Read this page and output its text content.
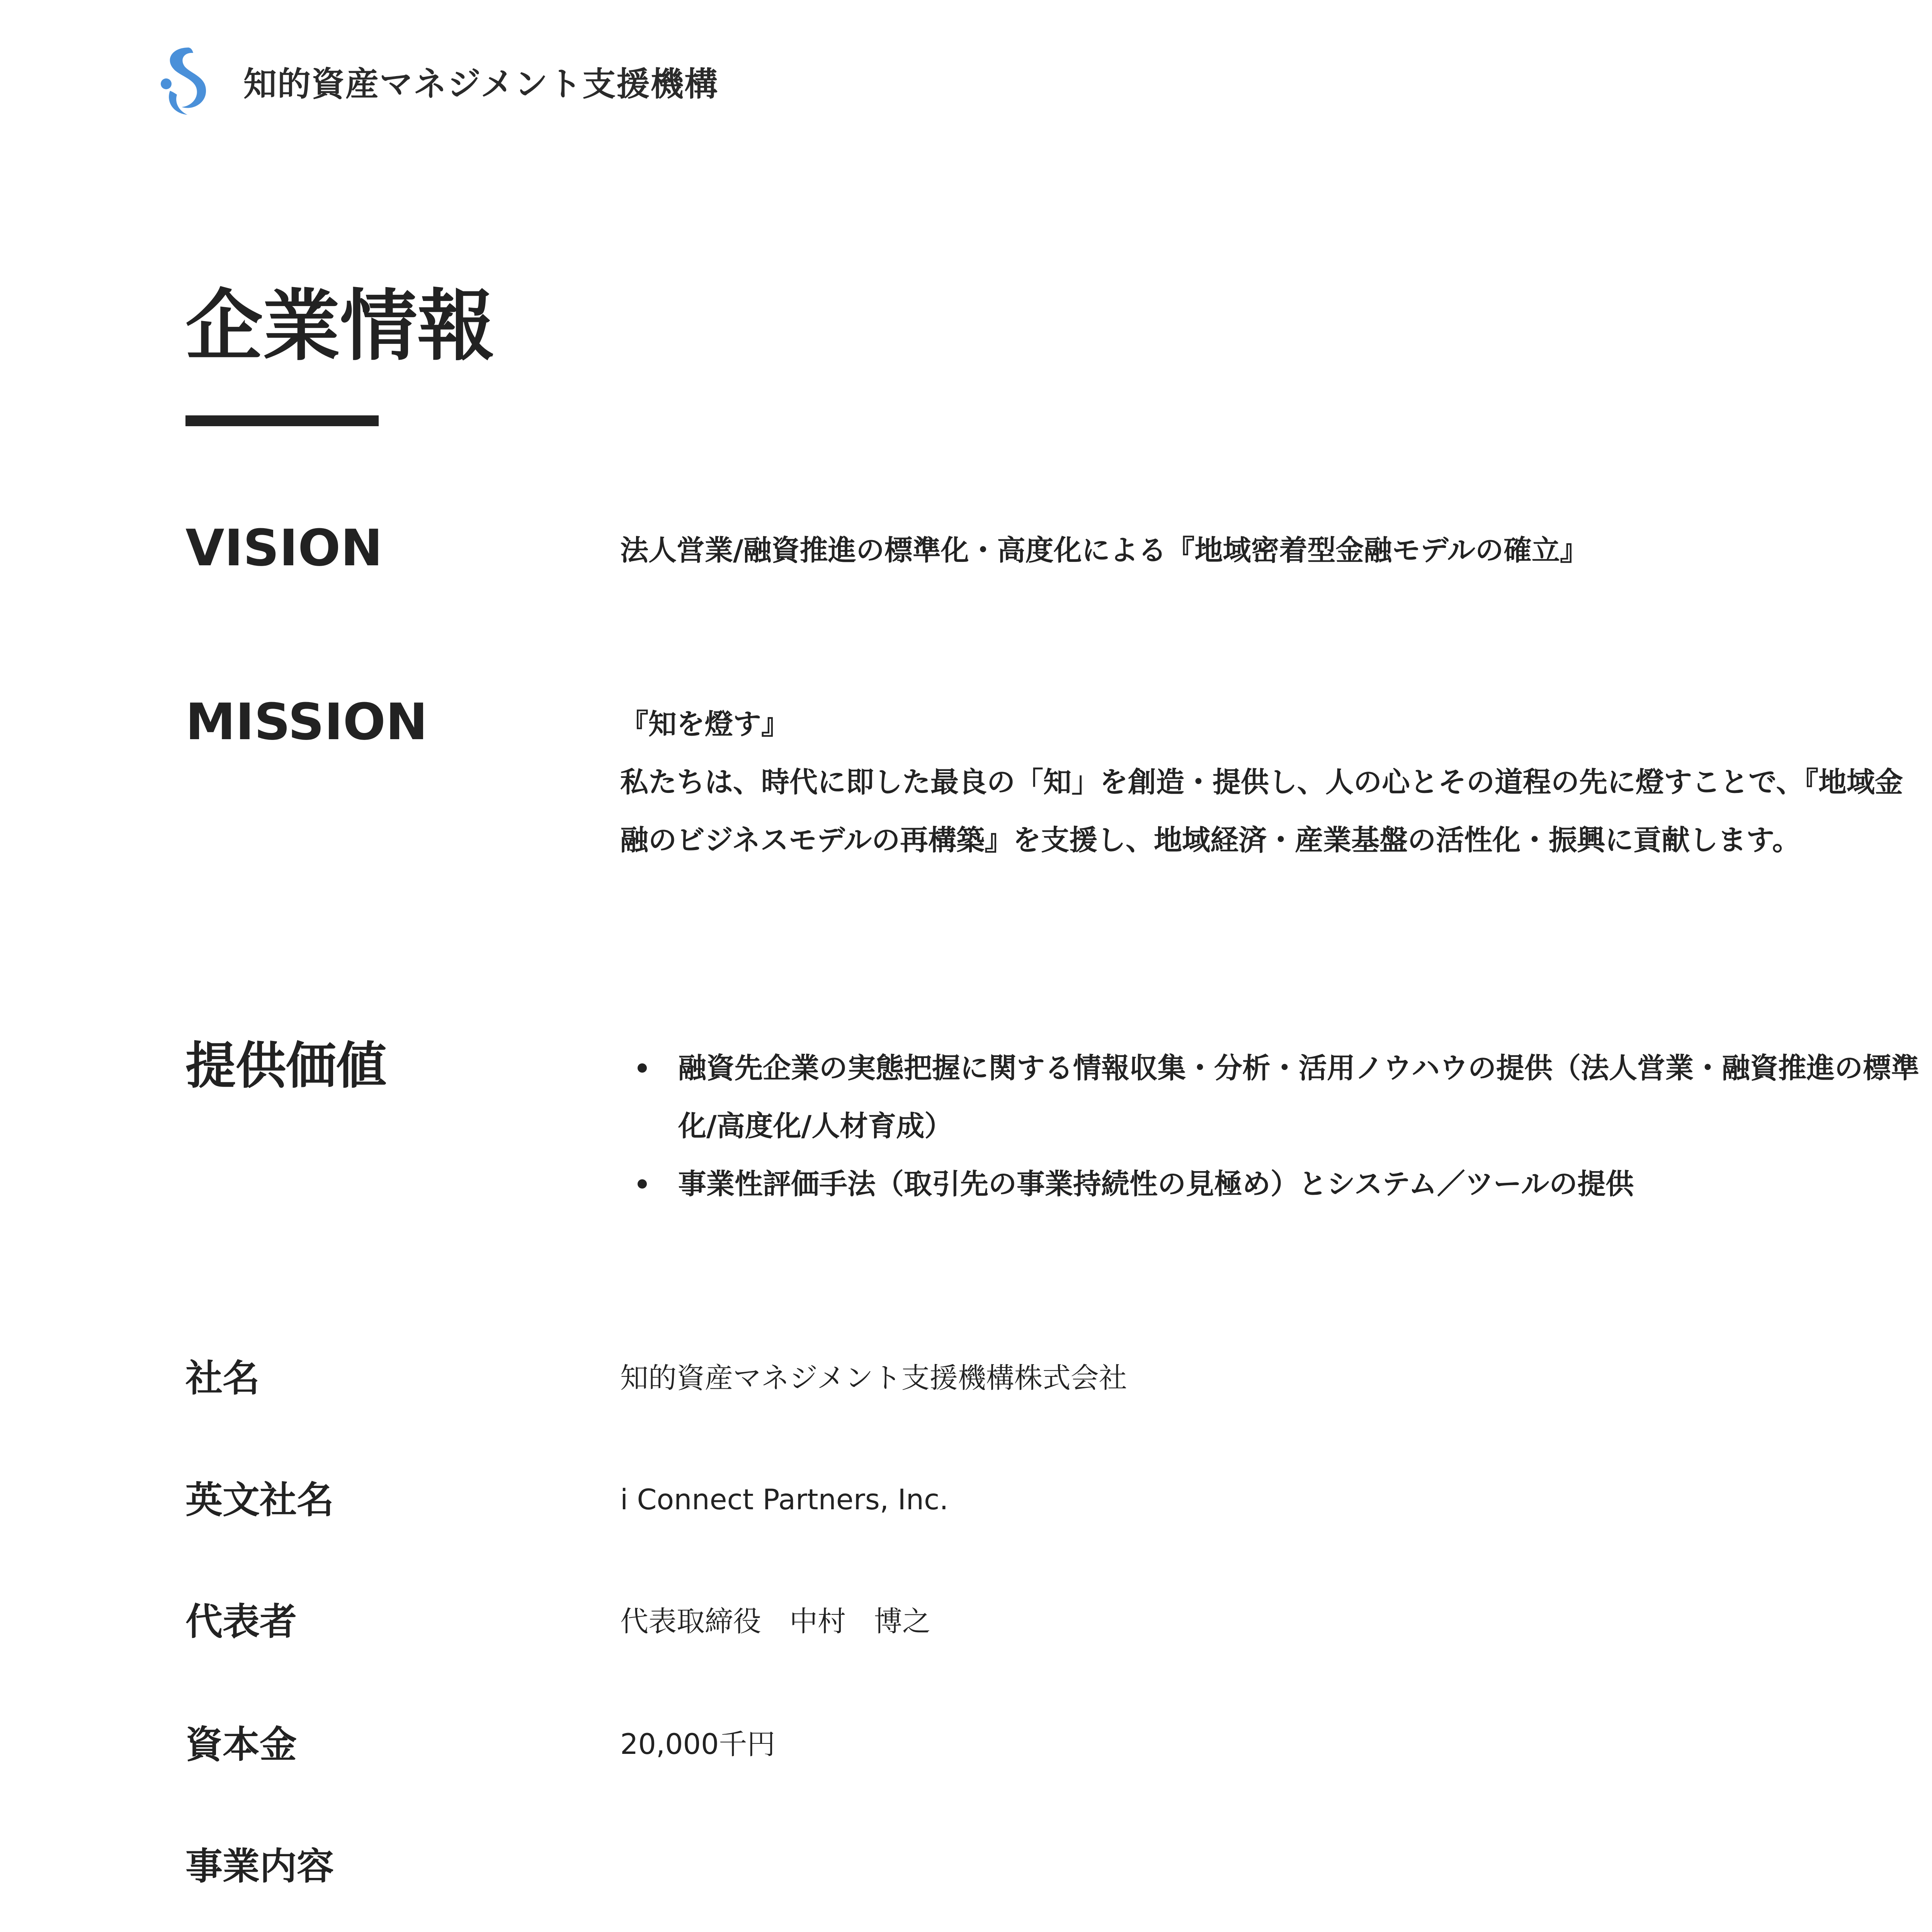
知的資産マネジメント支援機構
企業情報
VISION	法人営業/融資推進の標準化・高度化による『地域密着型金融モデルの確立』

MISSION	『知を燈す』

私たちは、時代に即した最良の「知」を創造・提供し、人の心とその道程の先に燈すことで、『地域金

融のビジネスモデルの再構築』を支援し、地域経済・産業基盤の活性化・振興に貢献します。

提供価値	融資先企業の実態把握に関する情報収集・分析・活用ノウハウの提供（法人営業・融資推進の標準
化/高度化/人材育成）
事業性評価手法（取引先の事業持続性の見極め）とシステム／ツールの提供
社名	知的資産マネジメント支援機構株式会社
英文社名	i Connect Partners, Inc.
代表者	代表取締役　中村　博之
資本金	20,000千円
事業内容
